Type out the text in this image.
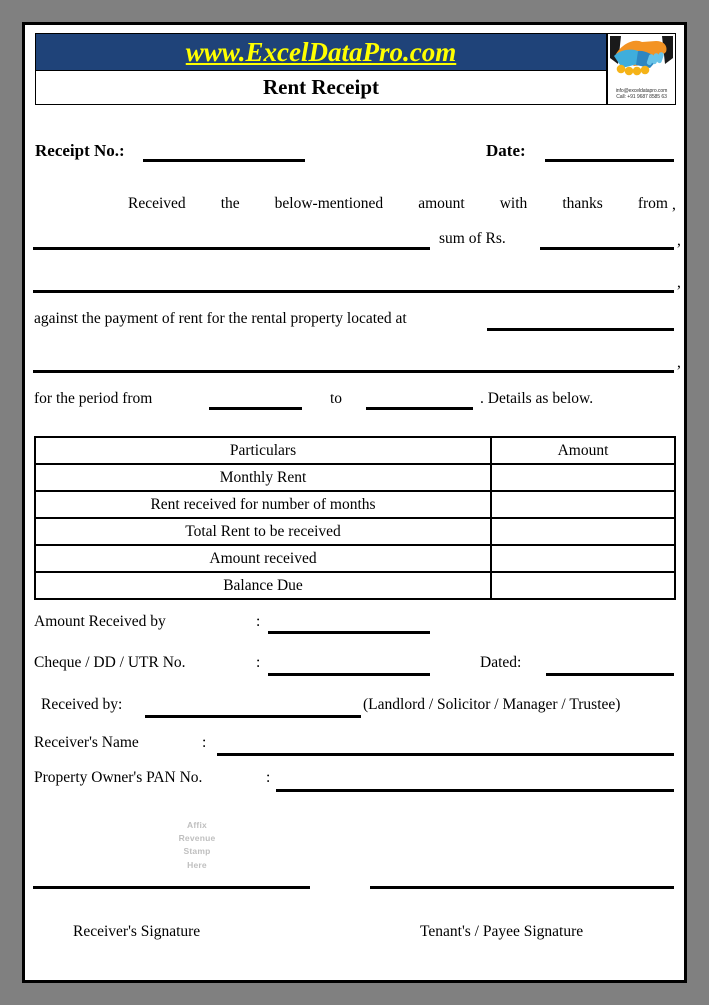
www.ExcelDataPro.com
Rent Receipt	info@exceldatapro.com
Call: +91 9687 8585 63
Receipt No.:	Date:
Received the below-mentioned amount with thanks from ,
sum of Rs.	,
,
against the payment of rent for the rental property located at
,
for the period from	to	. Details as below.
Particulars	Amount
Monthly Rent	
Rent received for number of months	
Total Rent to be received	
Amount received	
Balance Due	
Amount Received by	:
Cheque / DD / UTR No.	:	Dated:
Received by:	(Landlord / Solicitor / Manager / Trustee)
Receiver's Name	:
Property Owner's PAN No.	:
Affix
Revenue
Stamp
Here
Receiver's Signature	Tenant's / Payee Signature
